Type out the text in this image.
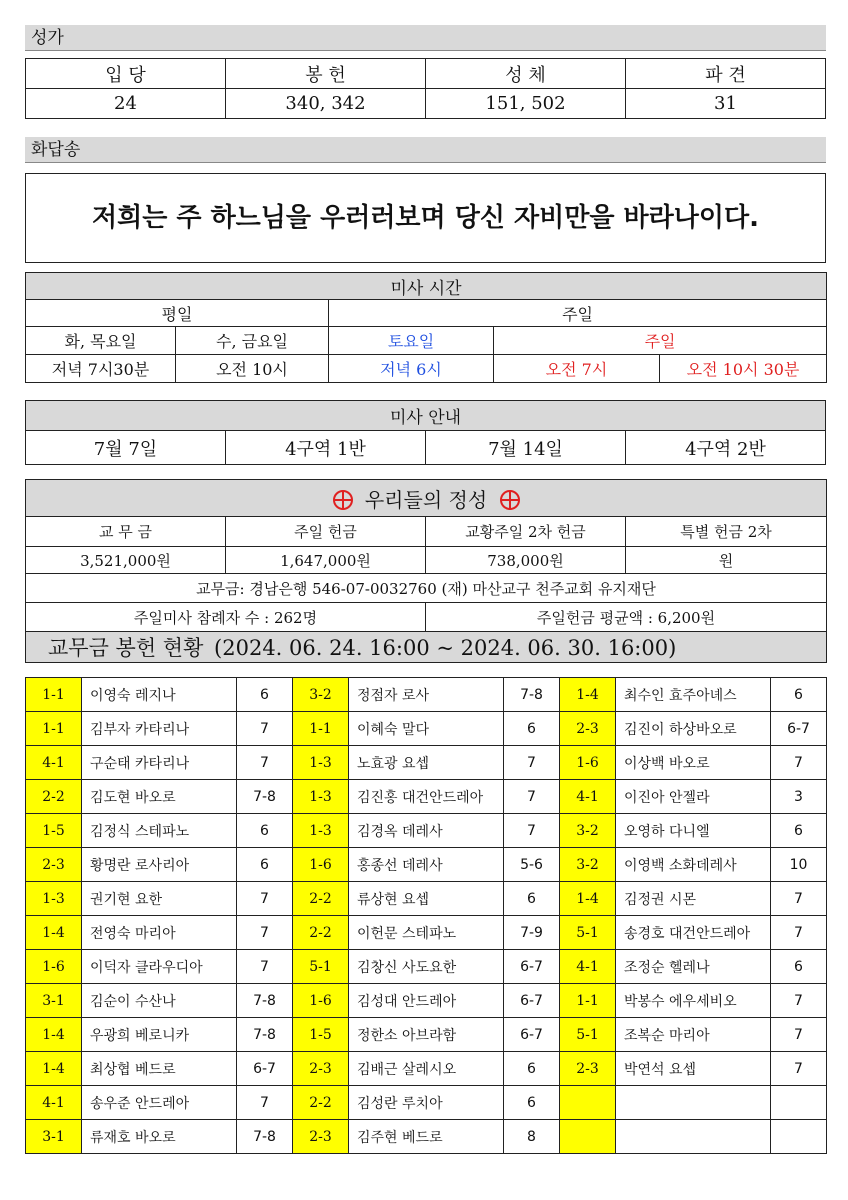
성가
입 당	봉 헌	성 체	파 견
24	340, 342	151, 502	31
화답송
저희는 주 하느님을 우러러보며 당신 자비만을 바라나이다.
미사 시간				
평일		주일		
화, 목요일	수, 금요일	토요일	주일	
저녁 7시30분	오전 10시	저녁 6시	오전 7시	오전 10시 30분
미사 안내
7월 7일	4구역 1반	7월 14일	4구역 2반
우리들의 정성			
교 무 금	주일 헌금	교황주일 2차 헌금	특별 헌금 2차
3,521,000원	1,647,000원	738,000원	원
교무금: 경남은행 546-07-0032760 (재) 마산교구 천주교회 유지재단			
주일미사 참례자 수 : 262명		주일헌금 평균액 : 6,200원	
교무금 봉헌 현황 (2024. 06. 24. 16:00 ~ 2024. 06. 30. 16:00)			
1-1	이영숙 레지나	6	3-2	정점자 로사	7-8	1-4	최수인 효주아녜스	6
1-1	김부자 카타리나	7	1-1	이혜숙 말다	6	2-3	김진이 하상바오로	6-7
4-1	구순태 카타리나	7	1-3	노효광 요셉	7	1-6	이상백 바오로	7
2-2	김도현 바오로	7-8	1-3	김진홍 대건안드레아	7	4-1	이진아 안젤라	3
1-5	김정식 스테파노	6	1-3	김경옥 데레사	7	3-2	오영하 다니엘	6
2-3	황명란 로사리아	6	1-6	홍종선 데레사	5-6	3-2	이영백 소화데레사	10
1-3	권기현 요한	7	2-2	류상현 요셉	6	1-4	김정권 시몬	7
1-4	전영숙 마리아	7	2-2	이헌문 스테파노	7-9	5-1	송경호 대건안드레아	7
1-6	이덕자 클라우디아	7	5-1	김창신 사도요한	6-7	4-1	조정순 헬레나	6
3-1	김순이 수산나	7-8	1-6	김성대 안드레아	6-7	1-1	박봉수 에우세비오	7
1-4	우광희 베로니카	7-8	1-5	정한소 아브라함	6-7	5-1	조복순 마리아	7
1-4	최상협 베드로	6-7	2-3	김배근 살레시오	6	2-3	박연석 요셉	7
4-1	송우준 안드레아	7	2-2	김성란 루치아	6			
3-1	류재호 바오로	7-8	2-3	김주현 베드로	8			
